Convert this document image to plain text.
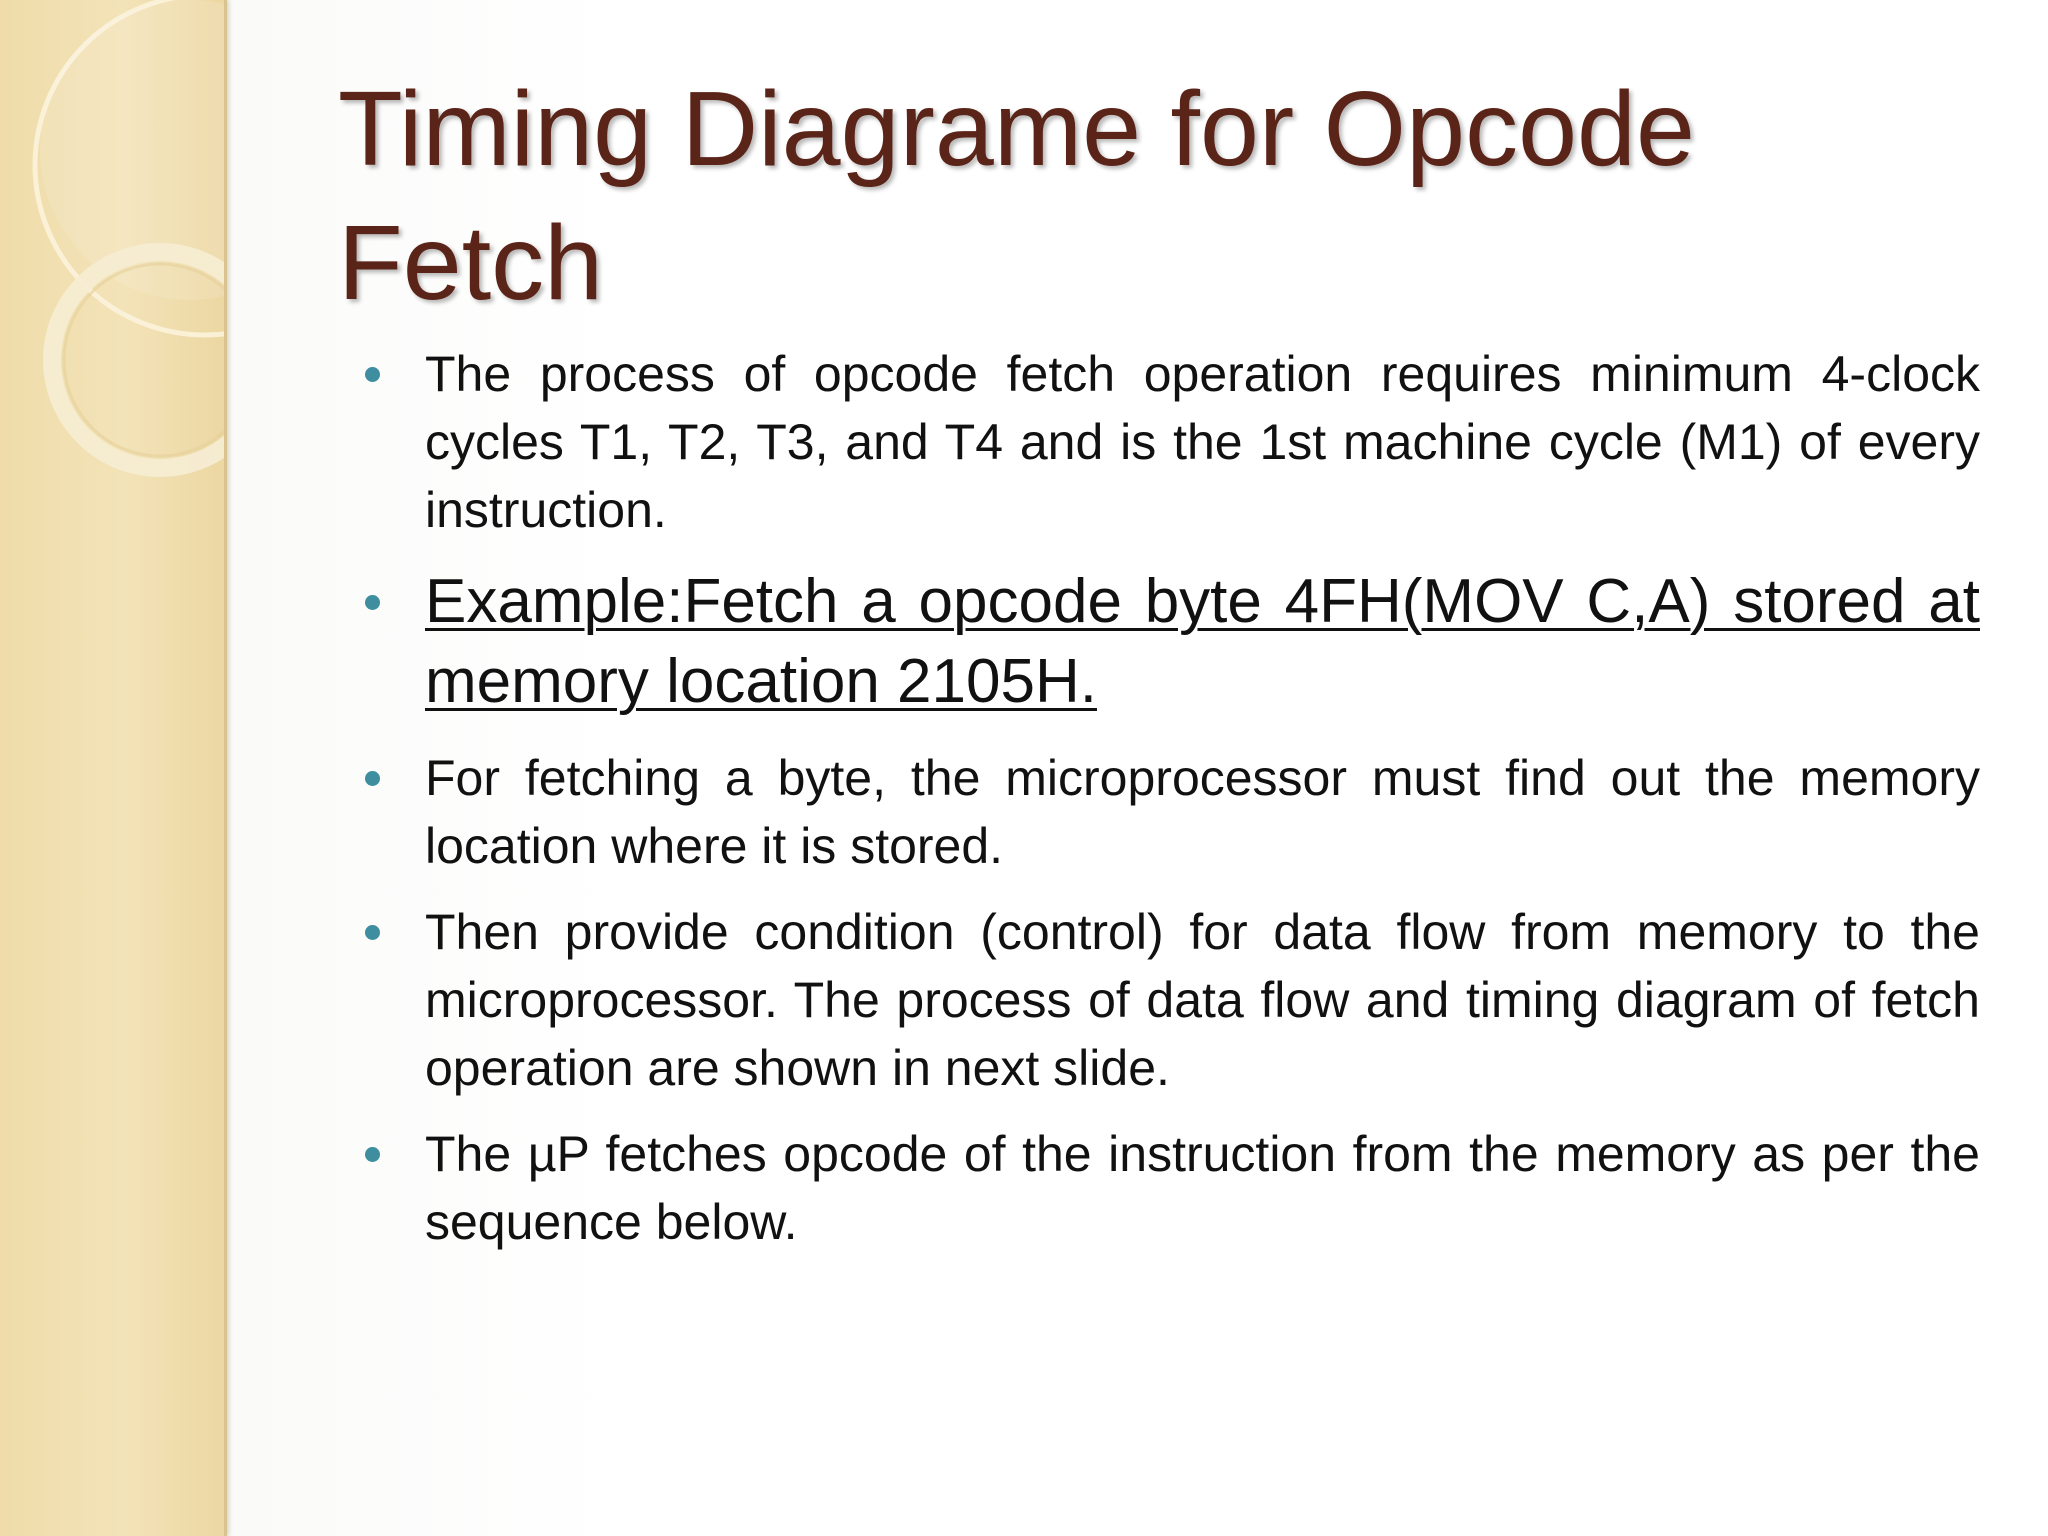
Timing Diagrame for Opcode Fetch
The process of opcode fetch operation requires minimum 4-clock cycles T1, T2, T3, and T4 and is the 1st machine cycle (M1) of every instruction.
Example:Fetch a opcode byte 4FH(MOV C,A) stored at memory location 2105H.
For fetching a byte, the microprocessor must find out the memory location where it is stored.
Then provide condition (control) for data flow from memory to the microprocessor. The process of data flow and timing diagram of fetch operation are shown in next slide.
The µP fetches opcode of the instruction from the memory as per the sequence below.
